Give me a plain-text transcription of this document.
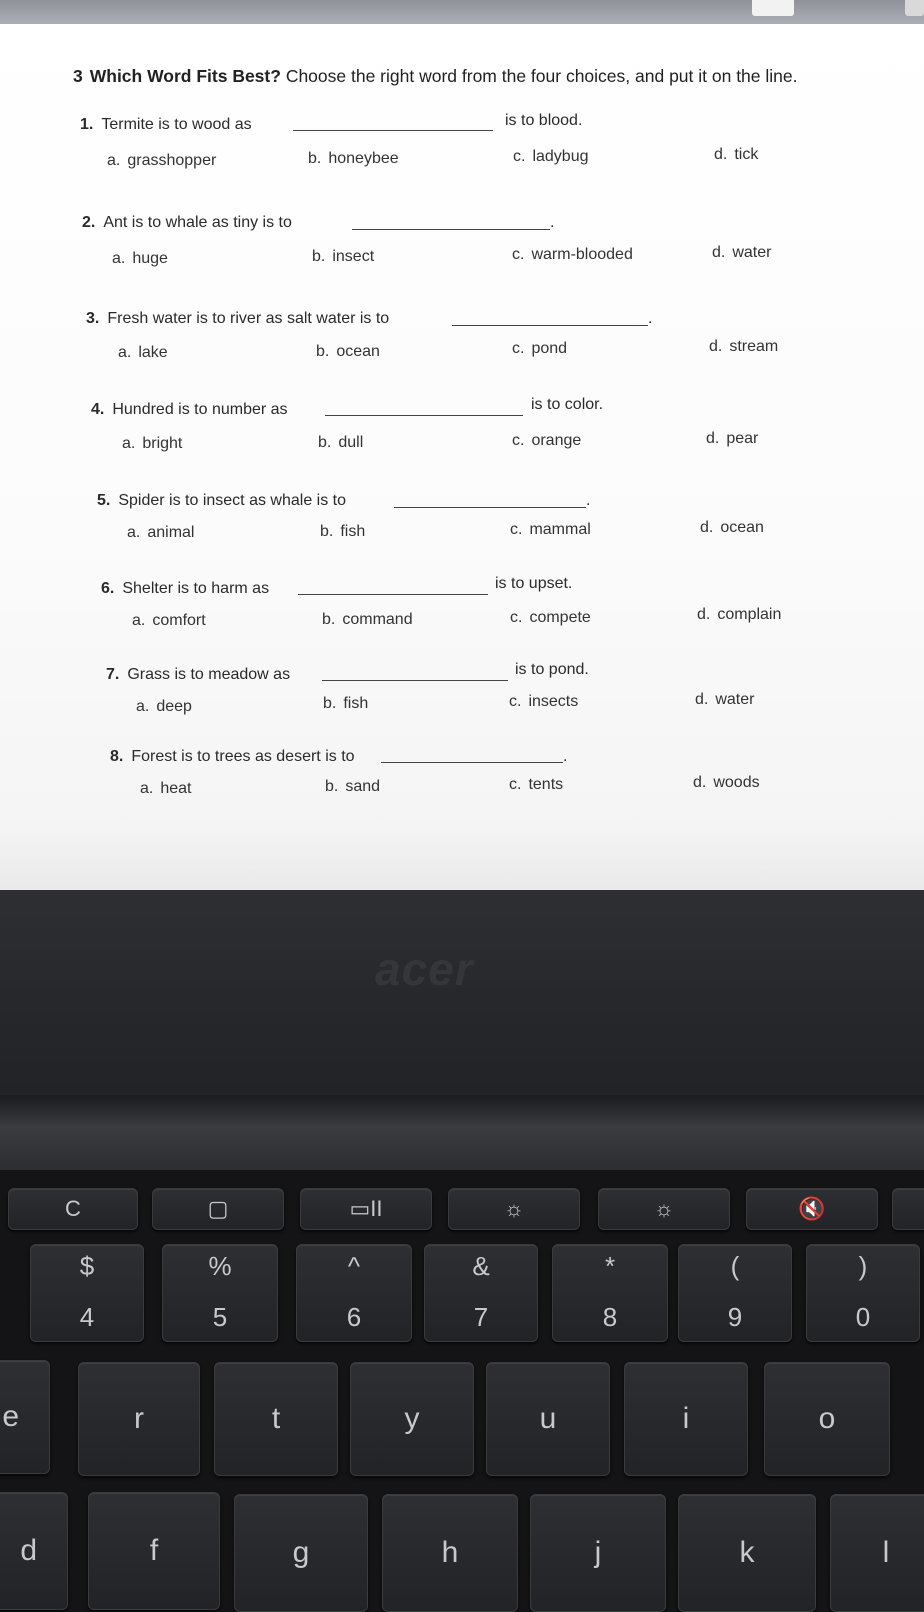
3 Which Word Fits Best? Choose the right word from the four choices, and put it on the line.
1. Termite is to wood as	is to blood.
a. grasshopper	b. honeybee	c. ladybug	d. tick
2. Ant is to whale as tiny is to	.
a. huge	b. insect	c. warm-blooded	d. water
3. Fresh water is to river as salt water is to	.
a. lake	b. ocean	c. pond	d. stream
4. Hundred is to number as	is to color.
a. bright	b. dull	c. orange	d. pear
5. Spider is to insect as whale is to	.
a. animal	b. fish	c. mammal	d. ocean
6. Shelter is to harm as	is to upset.
a. comfort	b. command	c. compete	d. complain
7. Grass is to meadow as	is to pond.
a. deep	b. fish	c. insects	d. water
8. Forest is to trees as desert is to	.
a. heat	b. sand	c. tents	d. woods
acer
C	▢	▭II	☼	☼	🔇
$
4
%
5
^
6
&
7
*
8
(
9
)
0
e	r	t	y	u	i	o
d	f	g	h	j	k	l
